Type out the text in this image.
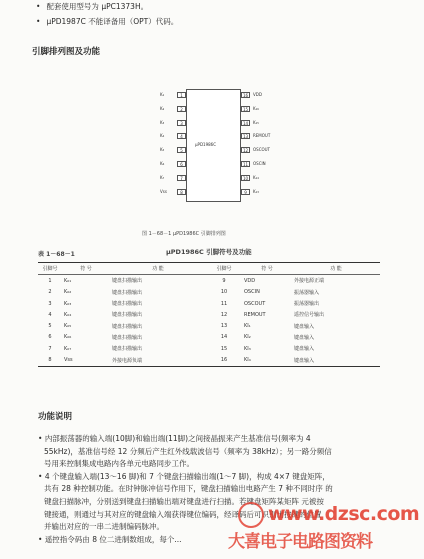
• 配套使用型号为 μPC1373H。
• μPD1987C 不能译备用（OPT）代码。
引脚排列图及功能
μPD1986C
1
K₁
2
K₂
3
K₃
4
K₄
5
K₅
6
K₆
7
K₇
8
Vss
16	VDD
15	K₁₆
14	K₁₅
13	REMOUT
12	OSCOUT
11	OSCIN
10	K₁₄
9	K₁₃
图 1－68－1 μPD1986C 引脚排列图
表 1－68－1	μPD1986C 引脚符号及功能
引脚号	符 号	功 能	引脚号	符 号	功 能
1	K₀₁	键盘扫描输出	9	VDD	外接电源正端
2	K₀₂	键盘扫描输出	10	OSCIN	振荡器输入
3	K₀₃	键盘扫描输出	11	OSCOUT	振荡器输出
4	K₀₄	键盘扫描输出	12	REMOUT	遥控信号输出
5	K₀₅	键盘扫描输出	13	KI₁	键盘输入
6	K₀₆	键盘扫描输出	14	KI₂	键盘输入
7	K₀₇	键盘扫描输出	15	KI₃	键盘输入
8	Vss	外接电源负端	16	KI₄	键盘输入
功能说明
• 内部振荡器的输入端(10脚)和输出端(11脚)之间接晶振来产生基准信号(频率为 4
55kHz)，基准信号经 12 分频后产生红外线载波信号（频率为 38kHz）；另一路分频信
号用来控制集成电路内各单元电路同步工作。
• 4 个键盘输入端(13～16 脚)和 7 个键盘扫描输出端(1～7 脚)，构成 4×7 键盘矩阵，
共有 28 种控制功能。在时钟脉冲信号作用下，键盘扫描输出电路产生 7 种不同时序 的
键盘扫描脉冲，分别送到键盘扫描输出端对键盘进行扫描。若键盘矩阵某矩阵 元被按
键接通，则通过与其对应的键盘输入端获得键位编码，经译码后可识别出按键的位置
并输出对应的一串二进制编码脉冲。
• 遥控指令码由 8 位二进制数组成，每个...
www.dzsc.com
大喜电子电路图资料
